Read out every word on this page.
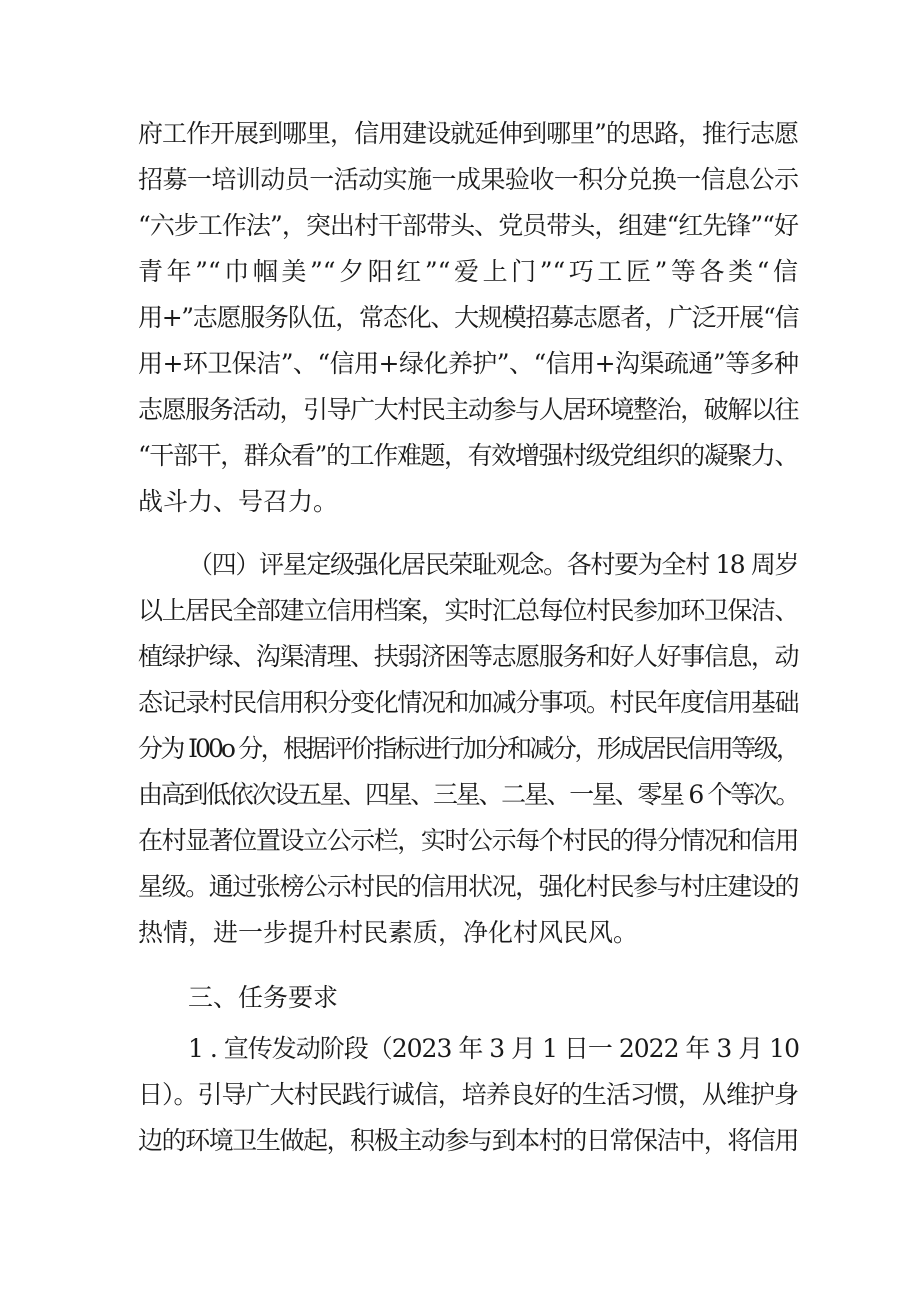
府工作开展到哪里，信用建设就延伸到哪里”的思路，推行志愿
招募一培训动员一活动实施一成果验收一积分兑换一信息公示
“六步工作法”，突出村干部带头、党员带头，组建“红先锋”“好
青年”“巾帼美”“夕阳红”“爱上门”“巧工匠”等各类“信
用+”志愿服务队伍，常态化、大规模招募志愿者，广泛开展“信
用+环卫保洁”、“信用+绿化养护”、“信用+沟渠疏通”等多种
志愿服务活动，引导广大村民主动参与人居环境整治，破解以往
“干部干，群众看”的工作难题，有效增强村级党组织的凝聚力、
战斗力、号召力。
（四）评星定级强化居民荣耻观念。各村要为全村 18 周岁
以上居民全部建立信用档案，实时汇总每位村民参加环卫保洁、
植绿护绿、沟渠清理、扶弱济困等志愿服务和好人好事信息，动
态记录村民信用积分变化情况和加减分事项。村民年度信用基础
分为 I00o 分，根据评价指标进行加分和减分，形成居民信用等级，
由高到低依次设五星、四星、三星、二星、一星、零星 6 个等次。
在村显著位置设立公示栏，实时公示每个村民的得分情况和信用
星级。通过张榜公示村民的信用状况，强化村民参与村庄建设的
热情，进一步提升村民素质，净化村风民风。
三、任务要求
1 . 宣传发动阶段（2023 年 3 月 1 日一 2022 年 3 月 10
日）。引导广大村民践行诚信，培养良好的生活习惯，从维护身
边的环境卫生做起，积极主动参与到本村的日常保洁中，将信用
